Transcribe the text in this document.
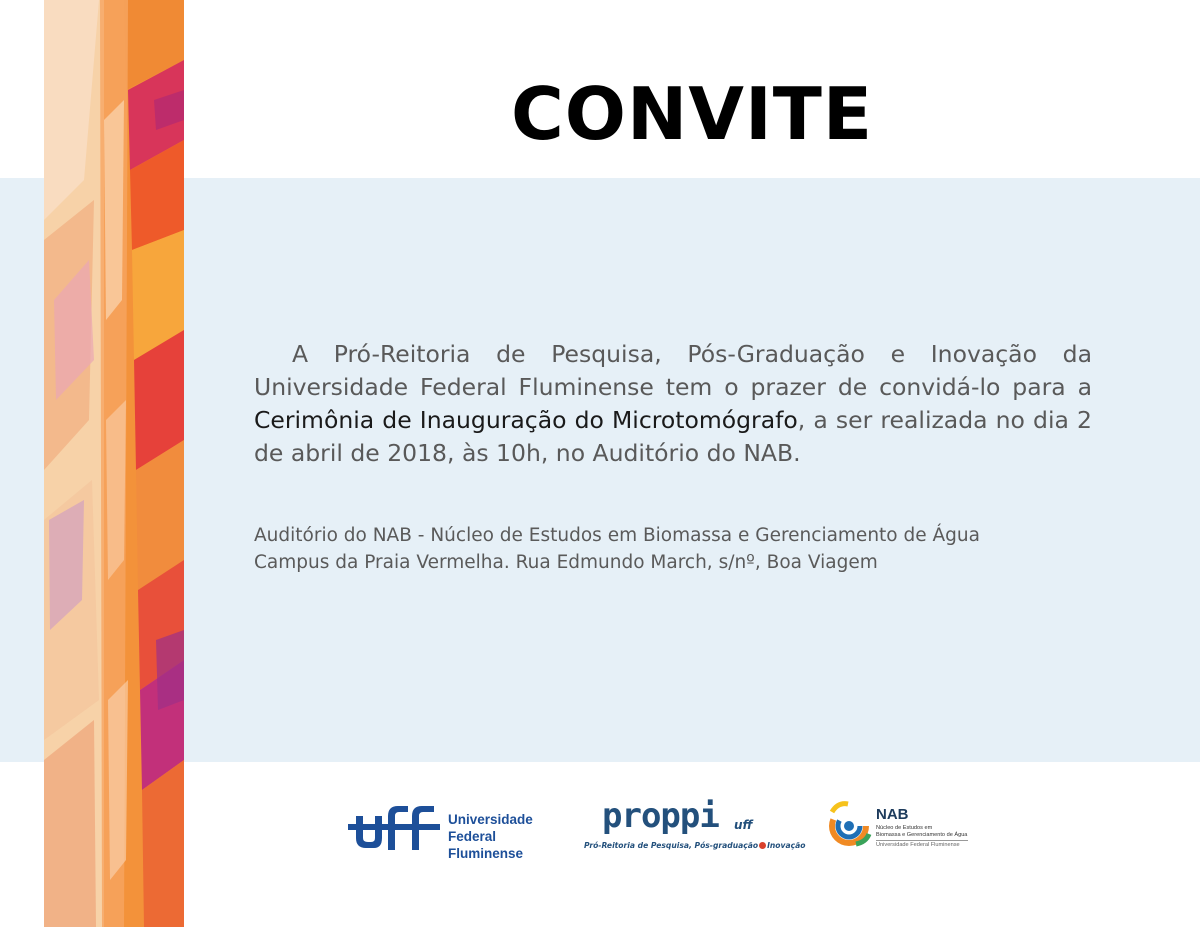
CONVITE
A Pró-Reitoria de Pesquisa, Pós-Graduação e Inovação da Universidade Federal Fluminense tem o prazer de convidá-lo para a Cerimônia de Inauguração do Microtomógrafo, a ser realizada no dia 2 de abril de 2018, às 10h, no Auditório do NAB.
Auditório do NAB - Núcleo de Estudos em Biomassa e Gerenciamento de Água
Campus da Praia Vermelha. Rua Edmundo March, s/nº, Boa Viagem
Universidade
Federal
Fluminense
proppi uff
Pró-Reitoria de Pesquisa, Pós-graduação Inovação
NAB
Núcleo de Estudos em
Biomassa e Gerenciamento de Água
Universidade Federal Fluminense
